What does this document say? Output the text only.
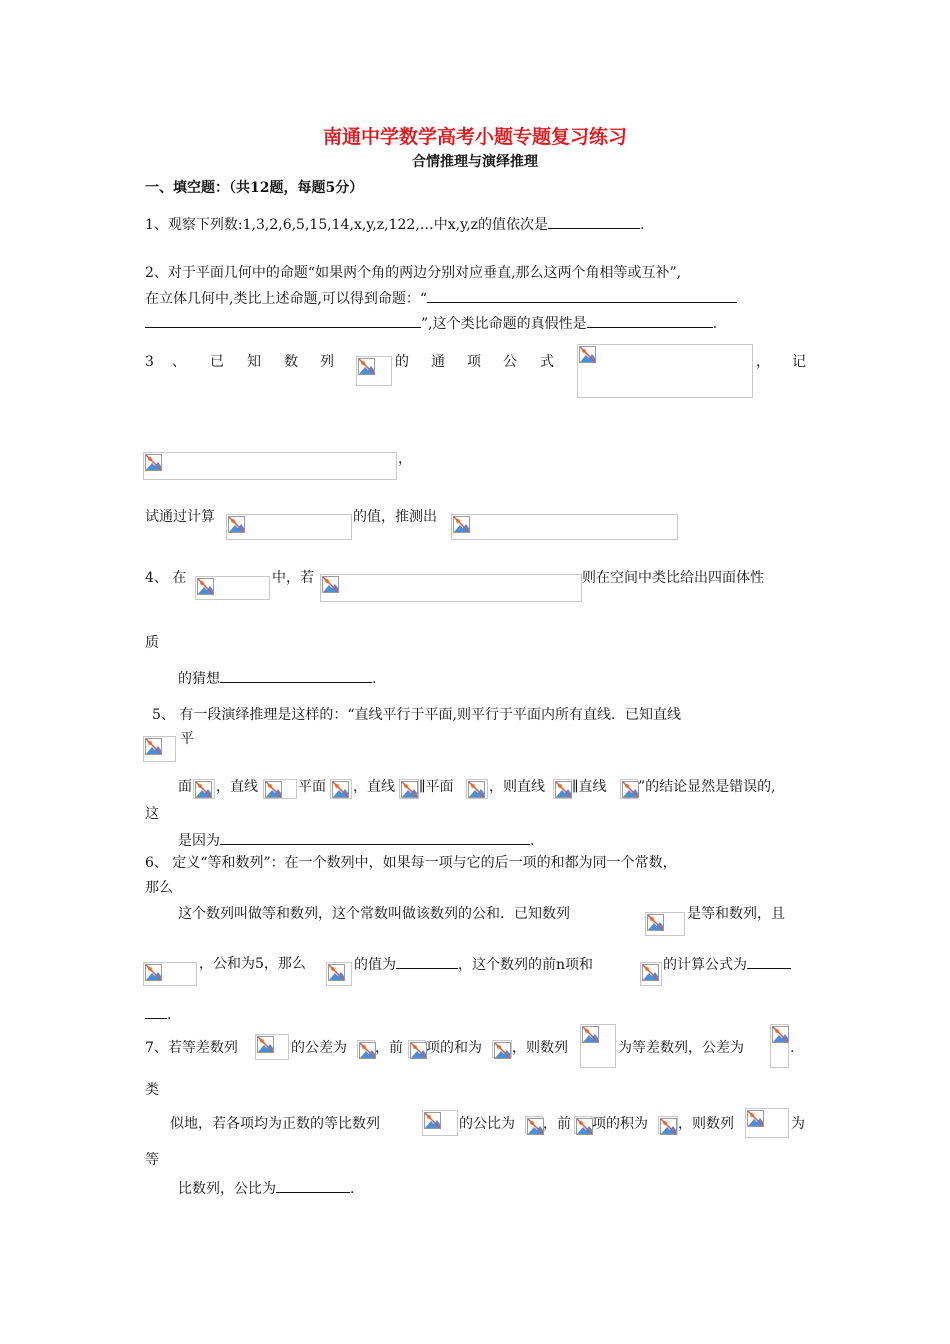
南通中学数学高考小题专题复习练习
合情推理与演绎推理
一、填空题：（共12题，每题5分）
1、观察下列数:1,3,2,6,5,15,14,x,y,z,122,…中x,y,z的值依次是	.
2、对于平面几何中的命题“如果两个角的两边分别对应垂直,那么这两个角相等或互补”,
在立体几何中,类比上述命题,可以得到命题：“
”,这个类比命题的真假性是	.
3 、 已 知 数 列	的 通 项 公 式	， 记
，
试通过计算	的值，推测出
4、 在	中，若	则在空间中类比给出四面体性
质
的猜想	.
5、 有一段演绎推理是这样的：“直线平行于平面,则平行于平面内所有直线．已知直线
平
面 ，直线	平面 ，直线 ∥平面	，则直线 ∥直线 ”的结论显然是错误的,
这
是因为	.
6、 定义“等和数列”：在一个数列中，如果每一项与它的后一项的和都为同一个常数，
那么
这个数列叫做等和数列，这个常数叫做该数列的公和．已知数列	是等和数列，且
，公和为5，那么	的值为	，这个数列的前n项和	的计算公式为
.
7、若等差数列	的公差为 ，前 项的和为 ，则数列	为等差数列，公差为	.
类
似地，若各项均为正数的等比数列	的公比为 ，前 项的积为 ，则数列	为
等
比数列，公比为	.
